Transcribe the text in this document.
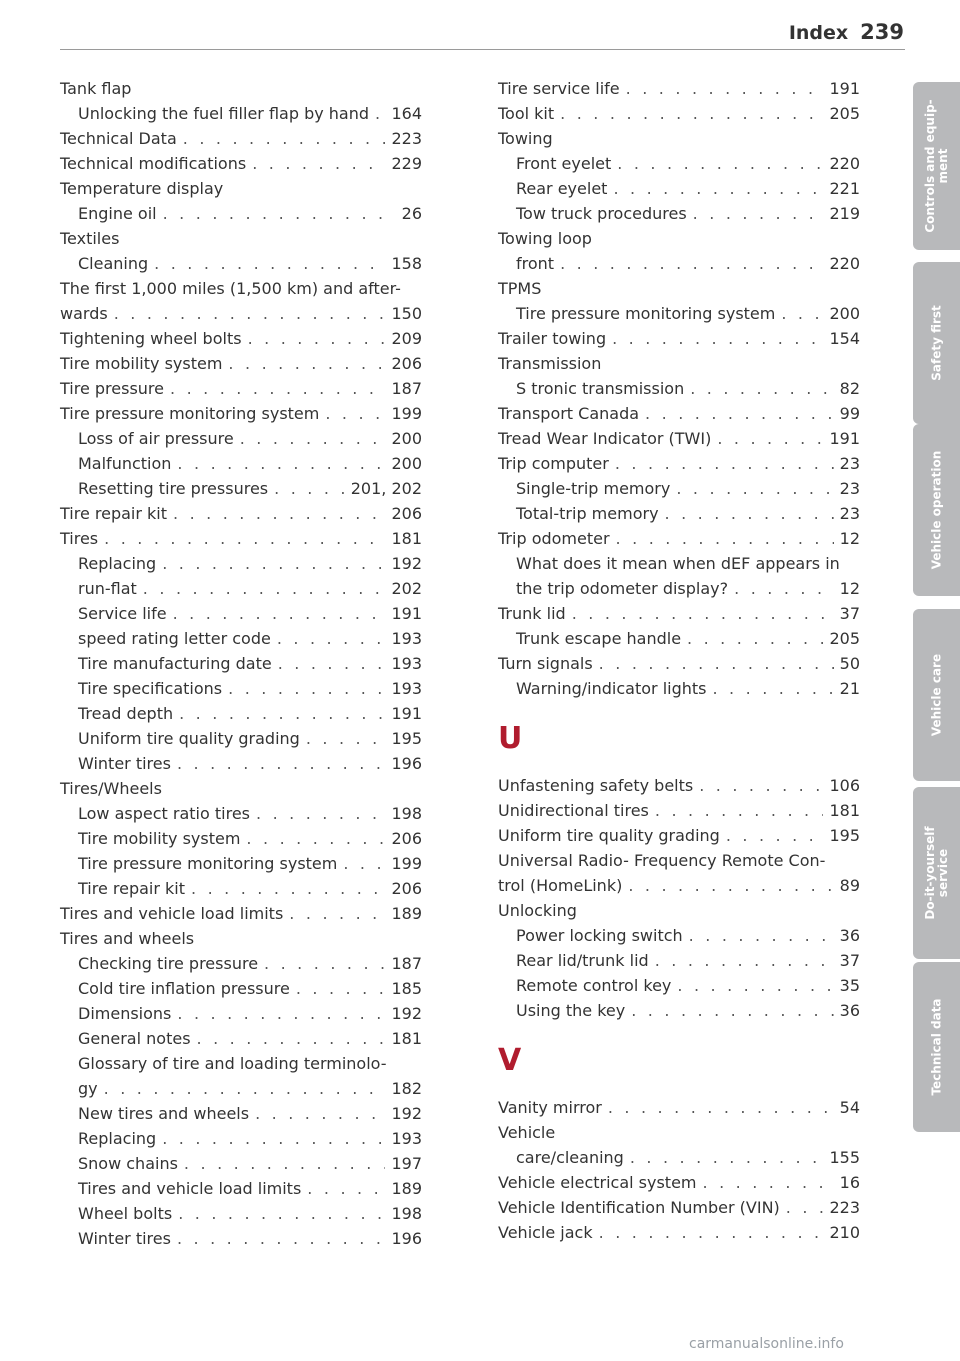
Index 239
Tank flap
Unlocking the fuel filler flap by hand . . . 164
Technical Data . . .	223
Technical modifications . . .	229
Temperature display
Engine oil . . .	26
Textiles
Cleaning . . .	158
The first 1,000 miles (1,500 km) and after-
wards . . .	150
Tightening wheel bolts . . .	209
Tire mobility system . . .	206
Tire pressure . . .	187
Tire pressure monitoring system . . .	199
Loss of air pressure . . .	200
Malfunction . . .	200
Resetting tire pressures . . .	201, 202
Tire repair kit . . .	206
Tires . . .	181
Replacing . . .	192
run-flat . . .	202
Service life . . .	191
speed rating letter code . . .	193
Tire manufacturing date . . .	193
Tire specifications . . .	193
Tread depth . . .	191
Uniform tire quality grading . . .	195
Winter tires . . .	196
Tires/Wheels
Low aspect ratio tires . . .	198
Tire mobility system . . .	206
Tire pressure monitoring system . . .	199
Tire repair kit . . .	206
Tires and vehicle load limits . . .	189
Tires and wheels
Checking tire pressure . . .	187
Cold tire inflation pressure . . .	185
Dimensions . . .	192
General notes . . .	181
Glossary of tire and loading terminolo-
gy . . .	182
New tires and wheels . . .	192
Replacing . . .	193
Snow chains . . .	197
Tires and vehicle load limits . . .	189
Wheel bolts . . .	198
Winter tires . . .	196
Tire service life . . .	191
Tool kit . . .	205
Towing
Front eyelet . . .	220
Rear eyelet . . .	221
Tow truck procedures . . .	219
Towing loop
front . . .	220
TPMS
Tire pressure monitoring system . . .	200
Trailer towing . . .	154
Transmission
S tronic transmission . . .	82
Transport Canada . . .	99
Tread Wear Indicator (TWI) . . .	191
Trip computer . . .	23
Single-trip memory . . .	23
Total-trip memory . . .	23
Trip odometer . . .	12
What does it mean when dEF appears in
the trip odometer display? . . .	12
Trunk lid . . .	37
Trunk escape handle . . .	205
Turn signals . . .	50
Warning/indicator lights . . .	21
U
Unfastening safety belts . . .	106
Unidirectional tires . . .	181
Uniform tire quality grading . . .	195
Universal Radio- Frequency Remote Con-
trol (HomeLink) . . .	89
Unlocking
Power locking switch . . .	36
Rear lid/trunk lid . . .	37
Remote control key . . .	35
Using the key . . .	36
V
Vanity mirror . . .	54
Vehicle
care/cleaning . . .	155
Vehicle electrical system . . .	16
Vehicle Identification Number (VIN) . . .	223
Vehicle jack . . .	210
Controls and equip-
ment
Safety first
Vehicle operation
Vehicle care
Do-it-yourself
service
Technical data
carmanualsonline.info
